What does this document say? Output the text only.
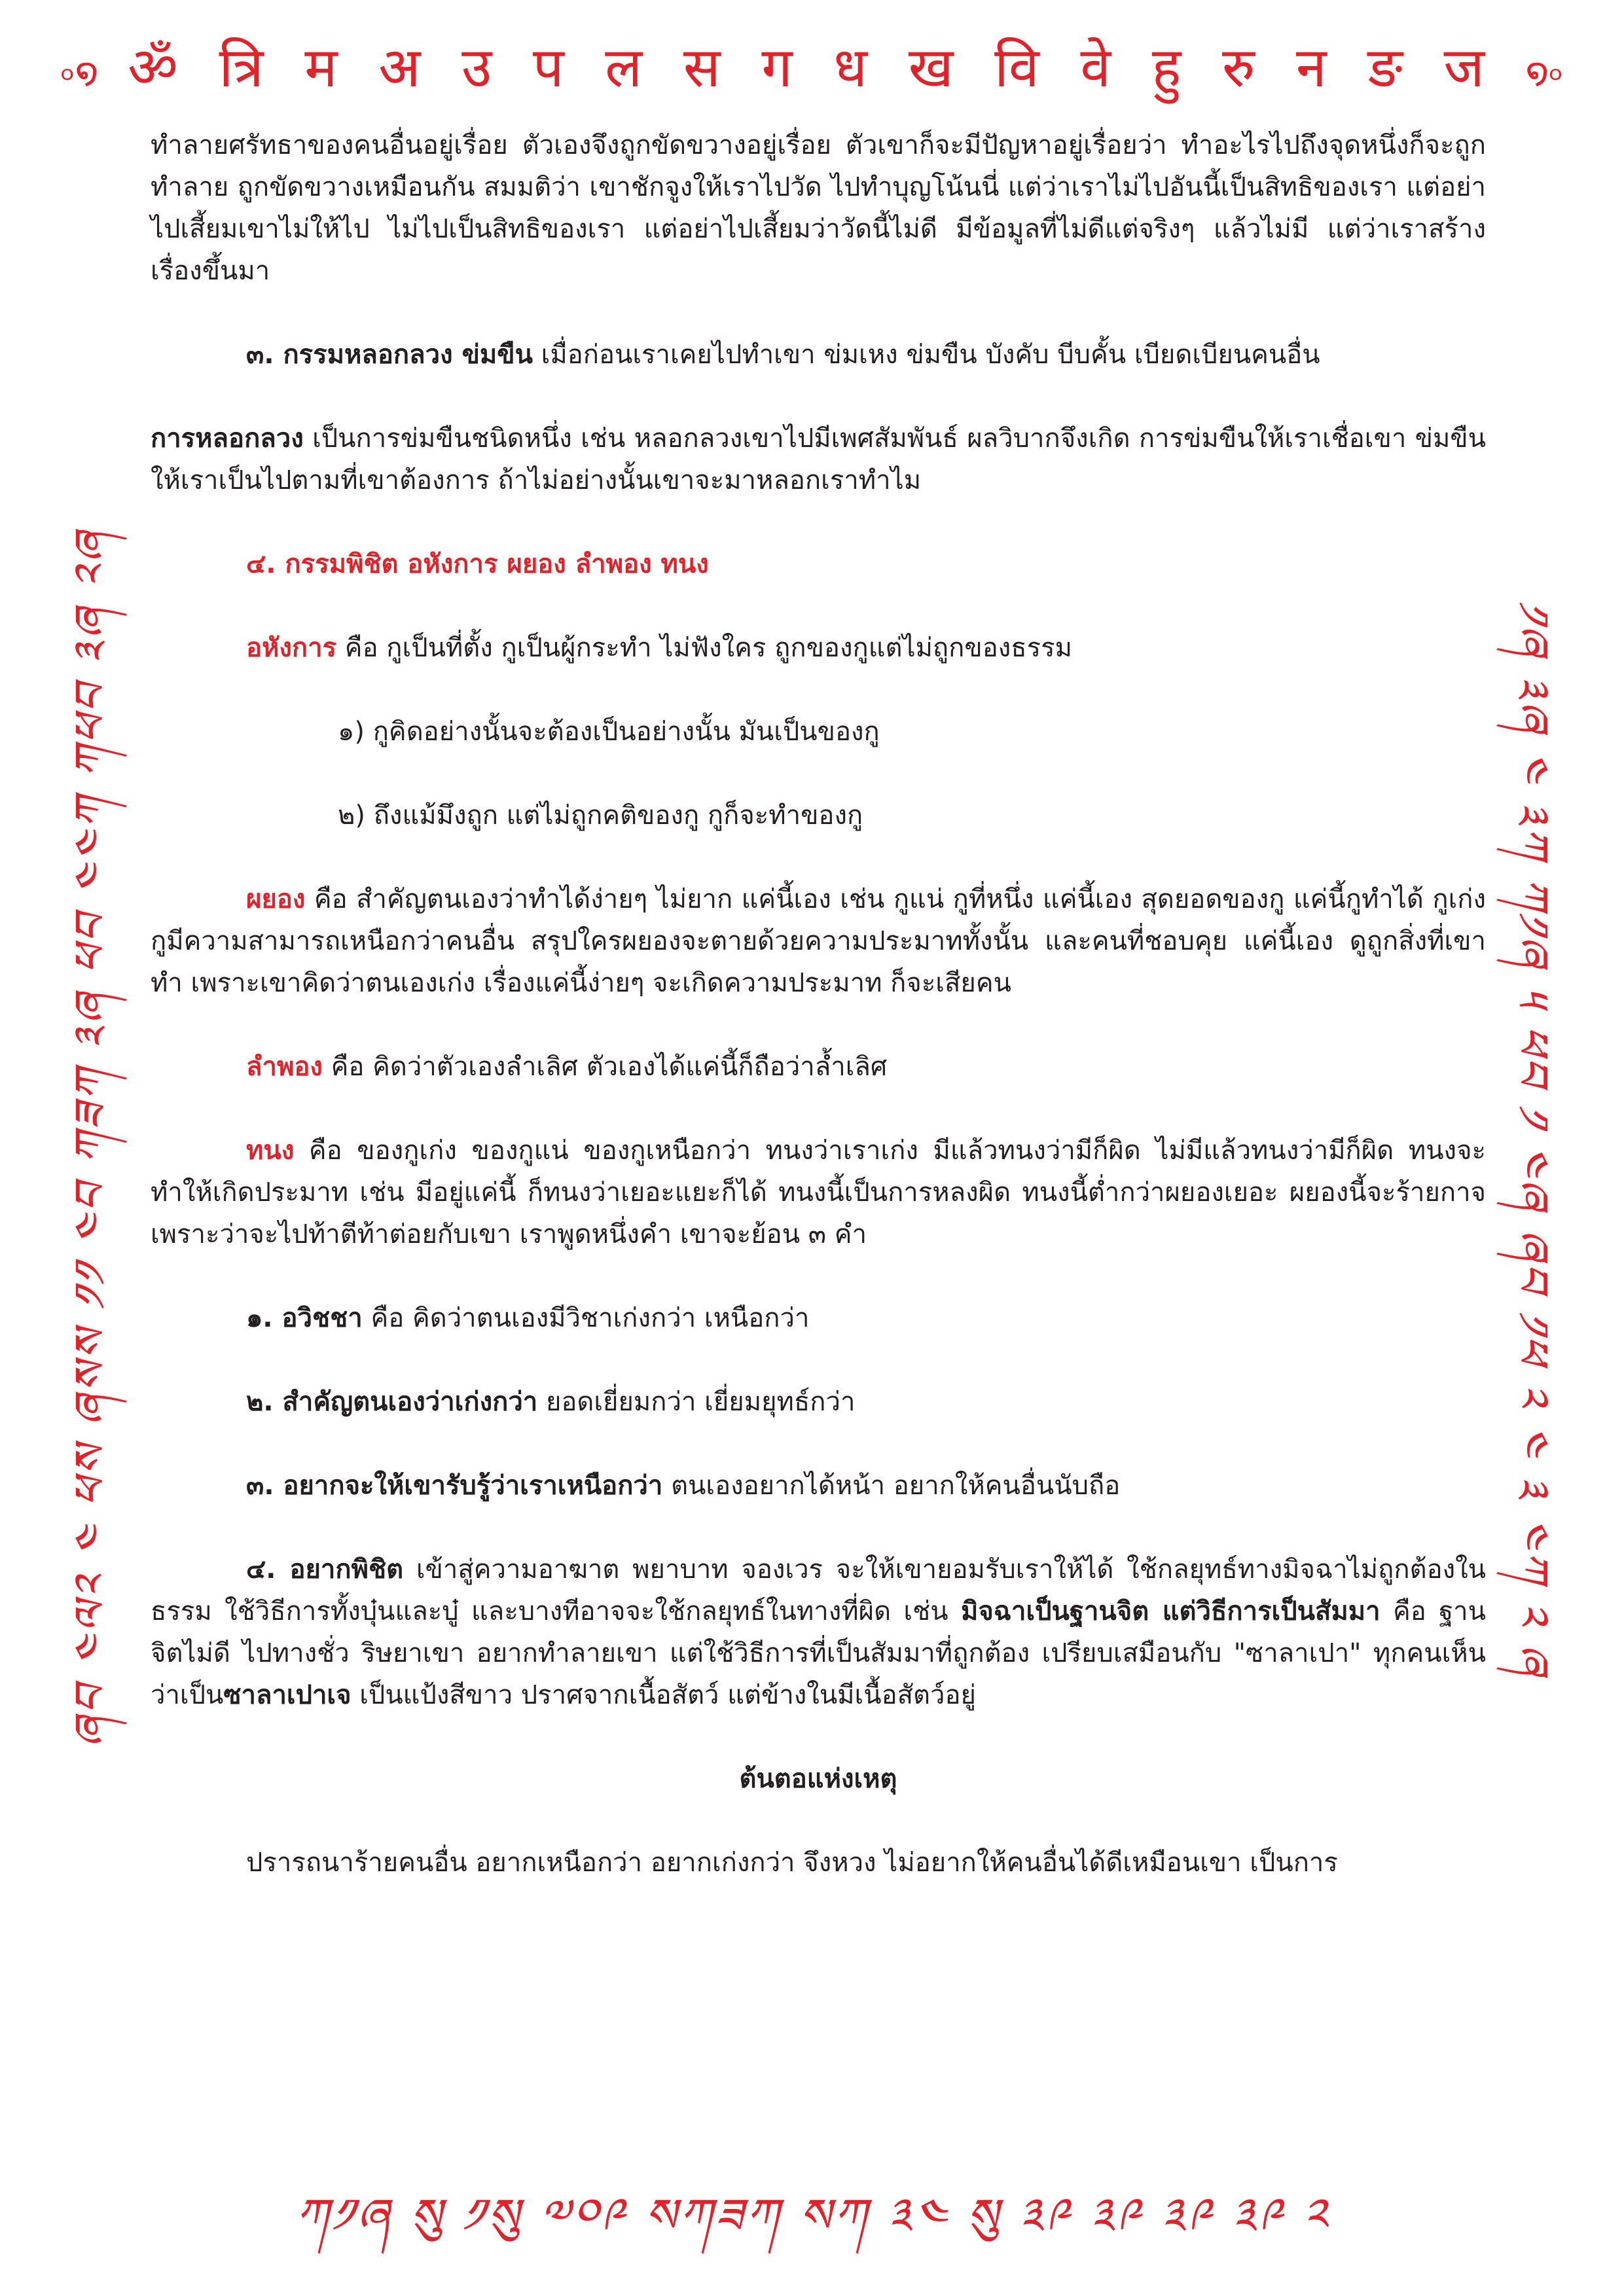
৹໑ ॐ त्रि म अ उ प ल स ग ध ख वि वे हु रु न ङ ज ໑৹
ཞབ ༤ལ༢ ༤ ཕས ཞསས ༡༡ ༤བ ཀཟཀ ༣ཞ ཕབ ༤༤ཀ ཀཕབ ༣ཞ ༢ཞ	༡ཞ ༣ཞ ༤ ༣ཀ ཀ༡ཞ ༥ ཕབ ༡ ༤ཞ ཞབ ༡ཕ ༢ ༤ ༣ ༤ཀ ༢ ཞ
ཀ༡ཞ སུ ༡སུ ༧༠༩ སཀཟཀ སཀ ༣༤ སུ ༣༩ ༣༩ ༣༩ ༣༩ ༢

ทำลายศรัทธาของคนอื่นอยู่เรื่อย ตัวเองจึงถูกขัดขวางอยู่เรื่อย ตัวเขาก็จะมีปัญหาอยู่เรื่อยว่า ทำอะไรไปถึงจุดหนึ่งก็จะถูกทำลาย ถูกขัดขวางเหมือนกัน สมมติว่า เขาชักจูงให้เราไปวัด ไปทำบุญโน้นนี่ แต่ว่าเราไม่ไปอันนี้เป็นสิทธิของเรา แต่อย่าไปเสี้ยมเขาไม่ให้ไป ไม่ไปเป็นสิทธิของเรา แต่อย่าไปเสี้ยมว่าวัดนี้ไม่ดี มีข้อมูลที่ไม่ดีแต่จริงๆ แล้วไม่มี แต่ว่าเราสร้างเรื่องขึ้นมา

๓. กรรมหลอกลวง ข่มขืน เมื่อก่อนเราเคยไปทำเขา ข่มเหง ข่มขืน บังคับ บีบคั้น เบียดเบียนคนอื่น

การหลอกลวง เป็นการข่มขืนชนิดหนึ่ง เช่น หลอกลวงเขาไปมีเพศสัมพันธ์ ผลวิบากจึงเกิด การข่มขืนให้เราเชื่อเขา ข่มขืนให้เราเป็นไปตามที่เขาต้องการ ถ้าไม่อย่างนั้นเขาจะมาหลอกเราทำไม

๔. กรรมพิชิต อหังการ ผยอง ลำพอง ทนง

อหังการ คือ กูเป็นที่ตั้ง กูเป็นผู้กระทำ ไม่ฟังใคร ถูกของกูแต่ไม่ถูกของธรรม

๑) กูคิดอย่างนั้นจะต้องเป็นอย่างนั้น มันเป็นของกู

๒) ถึงแม้มึงถูก แต่ไม่ถูกคติของกู กูก็จะทำของกู

ผยอง คือ สำคัญตนเองว่าทำได้ง่ายๆ ไม่ยาก แค่นี้เอง เช่น กูแน่ กูที่หนึ่ง แค่นี้เอง สุดยอดของกู แค่นี้กูทำได้ กูเก่ง กูมีความสามารถเหนือกว่าคนอื่น สรุปใครผยองจะตายด้วยความประมาททั้งนั้น และคนที่ชอบคุย แค่นี้เอง ดูถูกสิ่งที่เขาทำ เพราะเขาคิดว่าตนเองเก่ง เรื่องแค่นี้ง่ายๆ จะเกิดความประมาท ก็จะเสียคน

ลำพอง คือ คิดว่าตัวเองลำเลิศ ตัวเองได้แค่นี้ก็ถือว่าล้ำเลิศ

ทนง คือ ของกูเก่ง ของกูแน่ ของกูเหนือกว่า ทนงว่าเราเก่ง มีแล้วทนงว่ามีก็ผิด ไม่มีแล้วทนงว่ามีก็ผิด ทนงจะทำให้เกิดประมาท เช่น มีอยู่แค่นี้ ก็ทนงว่าเยอะแยะก็ได้ ทนงนี้เป็นการหลงผิด ทนงนี้ต่ำกว่าผยองเยอะ ผยองนี้จะร้ายกาจเพราะว่าจะไปท้าตีท้าต่อยกับเขา เราพูดหนึ่งคำ เขาจะย้อน ๓ คำ

๑. อวิชชา คือ คิดว่าตนเองมีวิชาเก่งกว่า เหนือกว่า

๒. สำคัญตนเองว่าเก่งกว่า ยอดเยี่ยมกว่า เยี่ยมยุทธ์กว่า

๓. อยากจะให้เขารับรู้ว่าเราเหนือกว่า ตนเองอยากได้หน้า อยากให้คนอื่นนับถือ

๔. อยากพิชิต เข้าสู่ความอาฆาต พยาบาท จองเวร จะให้เขายอมรับเราให้ได้ ใช้กลยุทธ์ทางมิจฉาไม่ถูกต้องในธรรม ใช้วิธีการทั้งบุ๋นและบู๋ และบางทีอาจจะใช้กลยุทธ์ในทางที่ผิด เช่น มิจฉาเป็นฐานจิต แต่วิธีการเป็นสัมมา คือ ฐานจิตไม่ดี ไปทางชั่ว ริษยาเขา อยากทำลายเขา แต่ใช้วิธีการที่เป็นสัมมาที่ถูกต้อง เปรียบเสมือนกับ "ซาลาเปา" ทุกคนเห็นว่าเป็นซาลาเปาเจ เป็นแป้งสีขาว ปราศจากเนื้อสัตว์ แต่ข้างในมีเนื้อสัตว์อยู่

ต้นตอแห่งเหตุ

ปรารถนาร้ายคนอื่น อยากเหนือกว่า อยากเก่งกว่า จึงหวง ไม่อยากให้คนอื่นได้ดีเหมือนเขา เป็นการ
